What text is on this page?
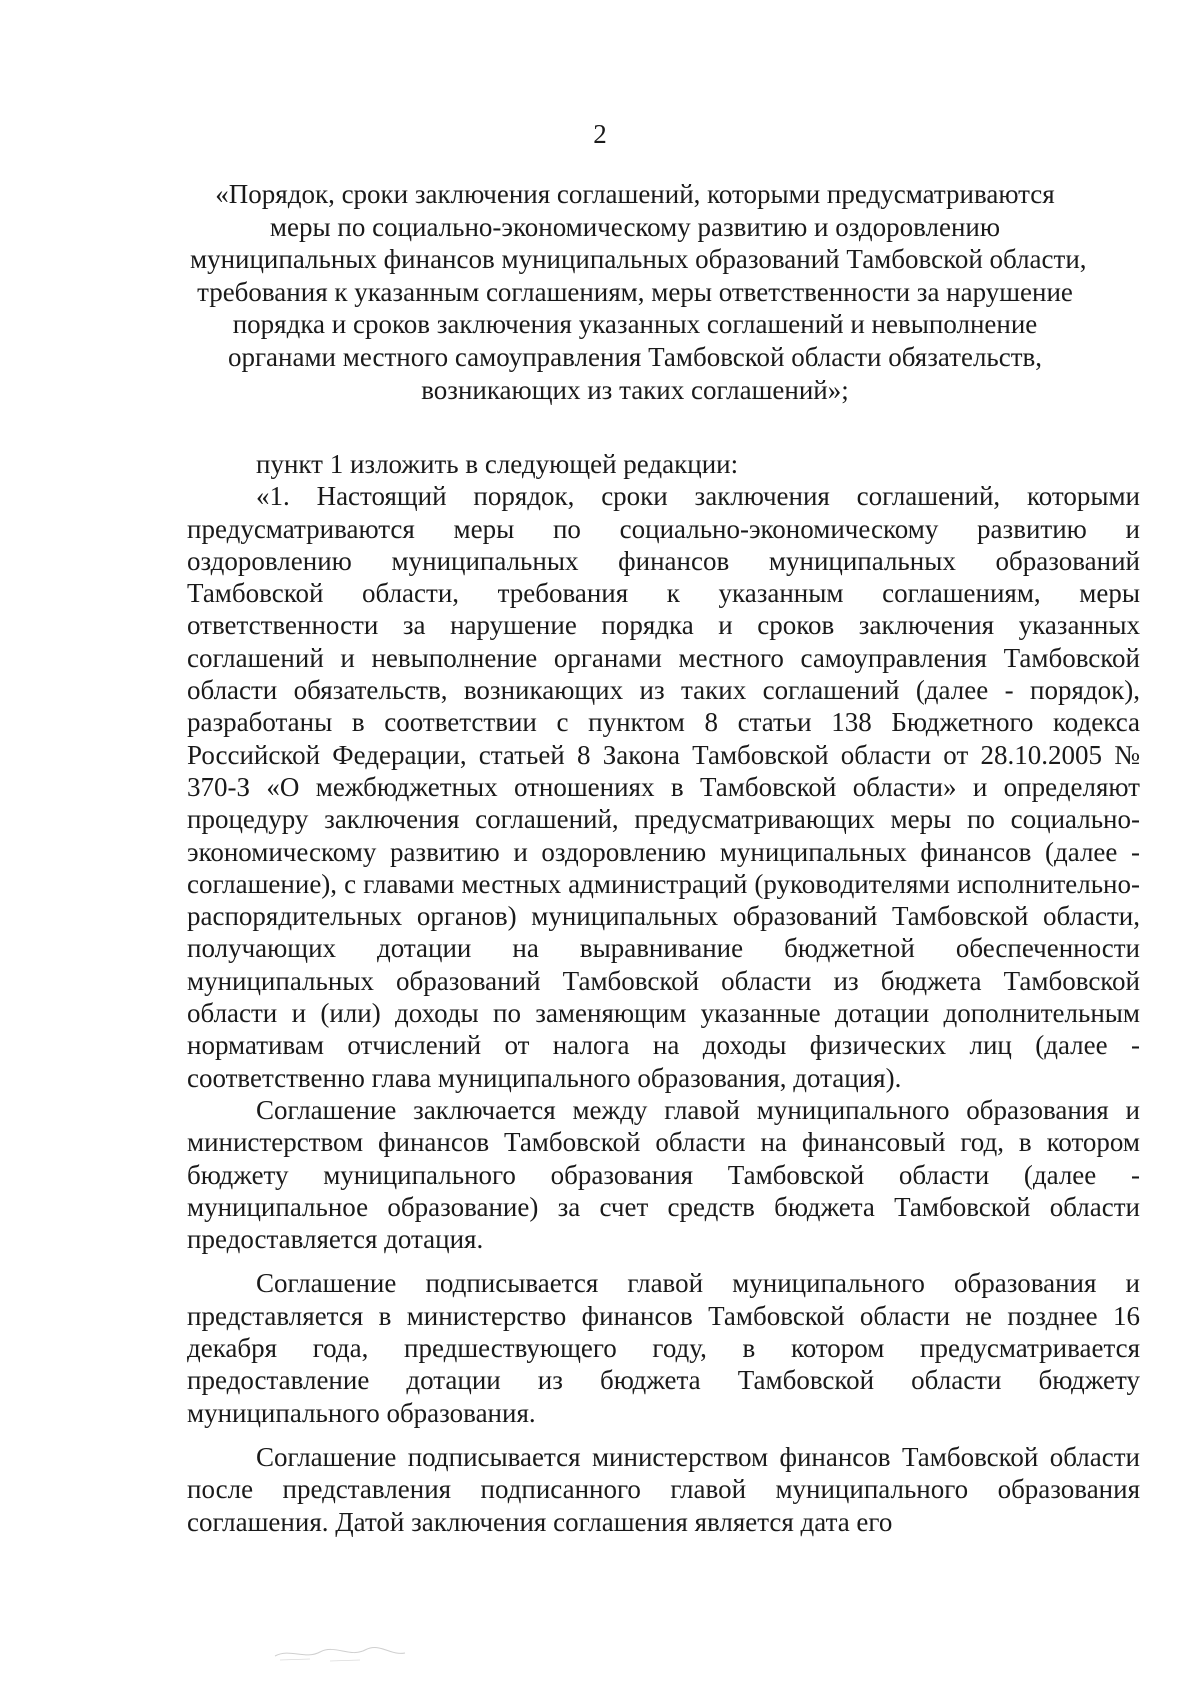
2
«Порядок, сроки заключения соглашений, которыми предусматриваются
меры по социально-экономическому развитию и оздоровлению
муниципальных финансов муниципальных образований Тамбовской области,
требования к указанным соглашениям, меры ответственности за нарушение
порядка и сроков заключения указанных соглашений и невыполнение
органами местного самоуправления Тамбовской области обязательств,
возникающих из таких соглашений»;

пункт 1 изложить в следующей редакции:

«1. Настоящий порядок, сроки заключения соглашений, которыми предусматриваются меры по социально-экономическому развитию и оздоровлению муниципальных финансов муниципальных образований Тамбовской области, требования к указанным соглашениям, меры ответственности за нарушение порядка и сроков заключения указанных соглашений и невыполнение органами местного самоуправления Тамбовской области обязательств, возникающих из таких соглашений (далее - порядок), разработаны в соответствии с пунктом 8 статьи 138 Бюджетного кодекса Российской Федерации, статьей 8 Закона Тамбовской области от 28.10.2005 № 370-З «О межбюджетных отношениях в Тамбовской области» и определяют процедуру заключения соглашений, предусматривающих меры по социально-экономическому развитию и оздоровлению муниципальных финансов (далее - соглашение), с главами местных администраций (руководителями исполнительно-распорядительных органов) муниципальных образований Тамбовской области, получающих дотации на выравнивание бюджетной обеспеченности муниципальных образований Тамбовской области из бюджета Тамбовской области и (или) доходы по заменяющим указанные дотации дополнительным нормативам отчислений от налога на доходы физических лиц (далее - соответственно глава муниципального образования, дотация).

Соглашение заключается между главой муниципального образования и министерством финансов Тамбовской области на финансовый год, в котором бюджету муниципального образования Тамбовской области (далее - муниципальное образование) за счет средств бюджета Тамбовской области предоставляется дотация.

Соглашение подписывается главой муниципального образования и представляется в министерство финансов Тамбовской области не позднее 16 декабря года, предшествующего году, в котором предусматривается предоставление дотации из бюджета Тамбовской области бюджету муниципального образования.

Соглашение подписывается министерством финансов Тамбовской области после представления подписанного главой муниципального образования соглашения. Датой заключения соглашения является дата его
